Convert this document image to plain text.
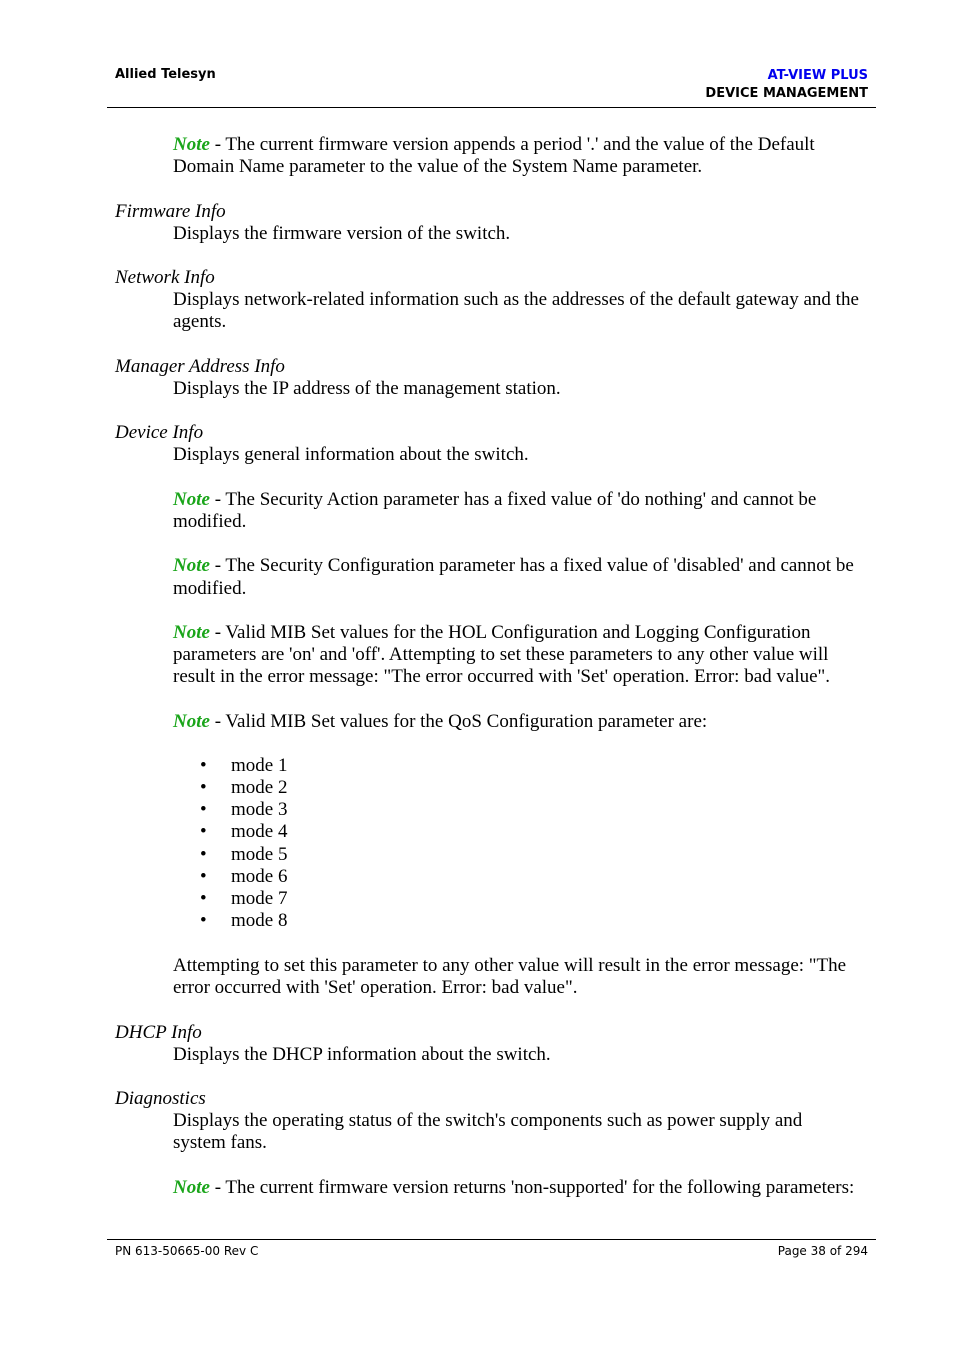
Allied Telesyn	AT-VIEW PLUS
DEVICE MANAGEMENT
Note - The current firmware version appends a period '.' and the value of the Default
Domain Name parameter to the value of the System Name parameter.
Firmware Info
Displays the firmware version of the switch.
Network Info
Displays network-related information such as the addresses of the default gateway and the
agents.
Manager Address Info
Displays the IP address of the management station.
Device Info
Displays general information about the switch.
Note - The Security Action parameter has a fixed value of 'do nothing' and cannot be
modified.
Note - The Security Configuration parameter has a fixed value of 'disabled' and cannot be
modified.
Note - Valid MIB Set values for the HOL Configuration and Logging Configuration
parameters are 'on' and 'off'. Attempting to set these parameters to any other value will
result in the error message: "The error occurred with 'Set' operation. Error: bad value".
Note - Valid MIB Set values for the QoS Configuration parameter are:
• mode 1
• mode 2
• mode 3
• mode 4
• mode 5
• mode 6
• mode 7
• mode 8
Attempting to set this parameter to any other value will result in the error message: "The
error occurred with 'Set' operation. Error: bad value".
DHCP Info
Displays the DHCP information about the switch.
Diagnostics
Displays the operating status of the switch's components such as power supply and
system fans.
Note - The current firmware version returns 'non-supported' for the following parameters:
PN 613-50665-00 Rev C	Page 38 of 294
